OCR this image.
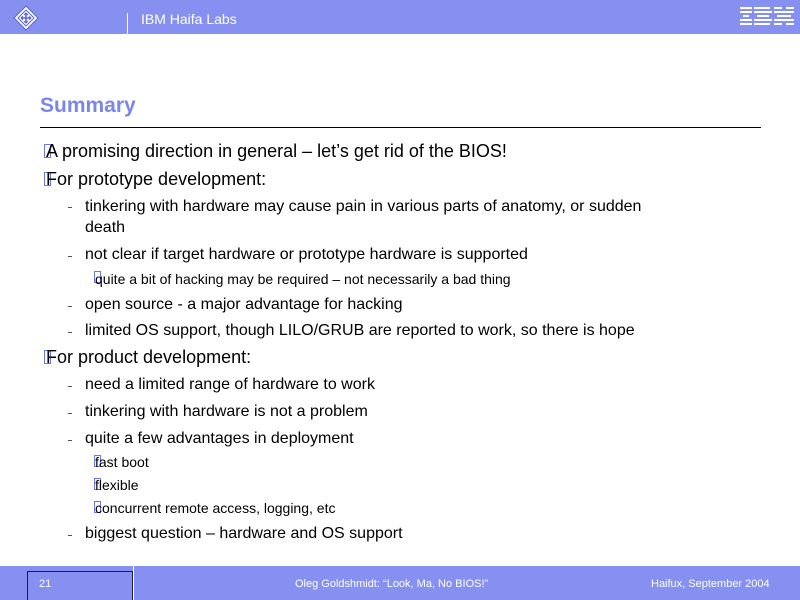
IBM Haifa Labs
Summary
A promising direction in general – let’s get rid of the BIOS!
For prototype development:
tinkering with hardware may cause pain in various parts of anatomy, or sudden
death
not clear if target hardware or prototype hardware is supported
quite a bit of hacking may be required – not necessarily a bad thing
open source - a major advantage for hacking
limited OS support, though LILO/GRUB are reported to work, so there is hope
For product development:
need a limited range of hardware to work
tinkering with hardware is not a problem
quite a few advantages in deployment
fast boot
flexible
concurrent remote access, logging, etc
biggest question – hardware and OS support
21	Oleg Goldshmidt: “Look, Ma, No BIOS!”	Haifux, September 2004
